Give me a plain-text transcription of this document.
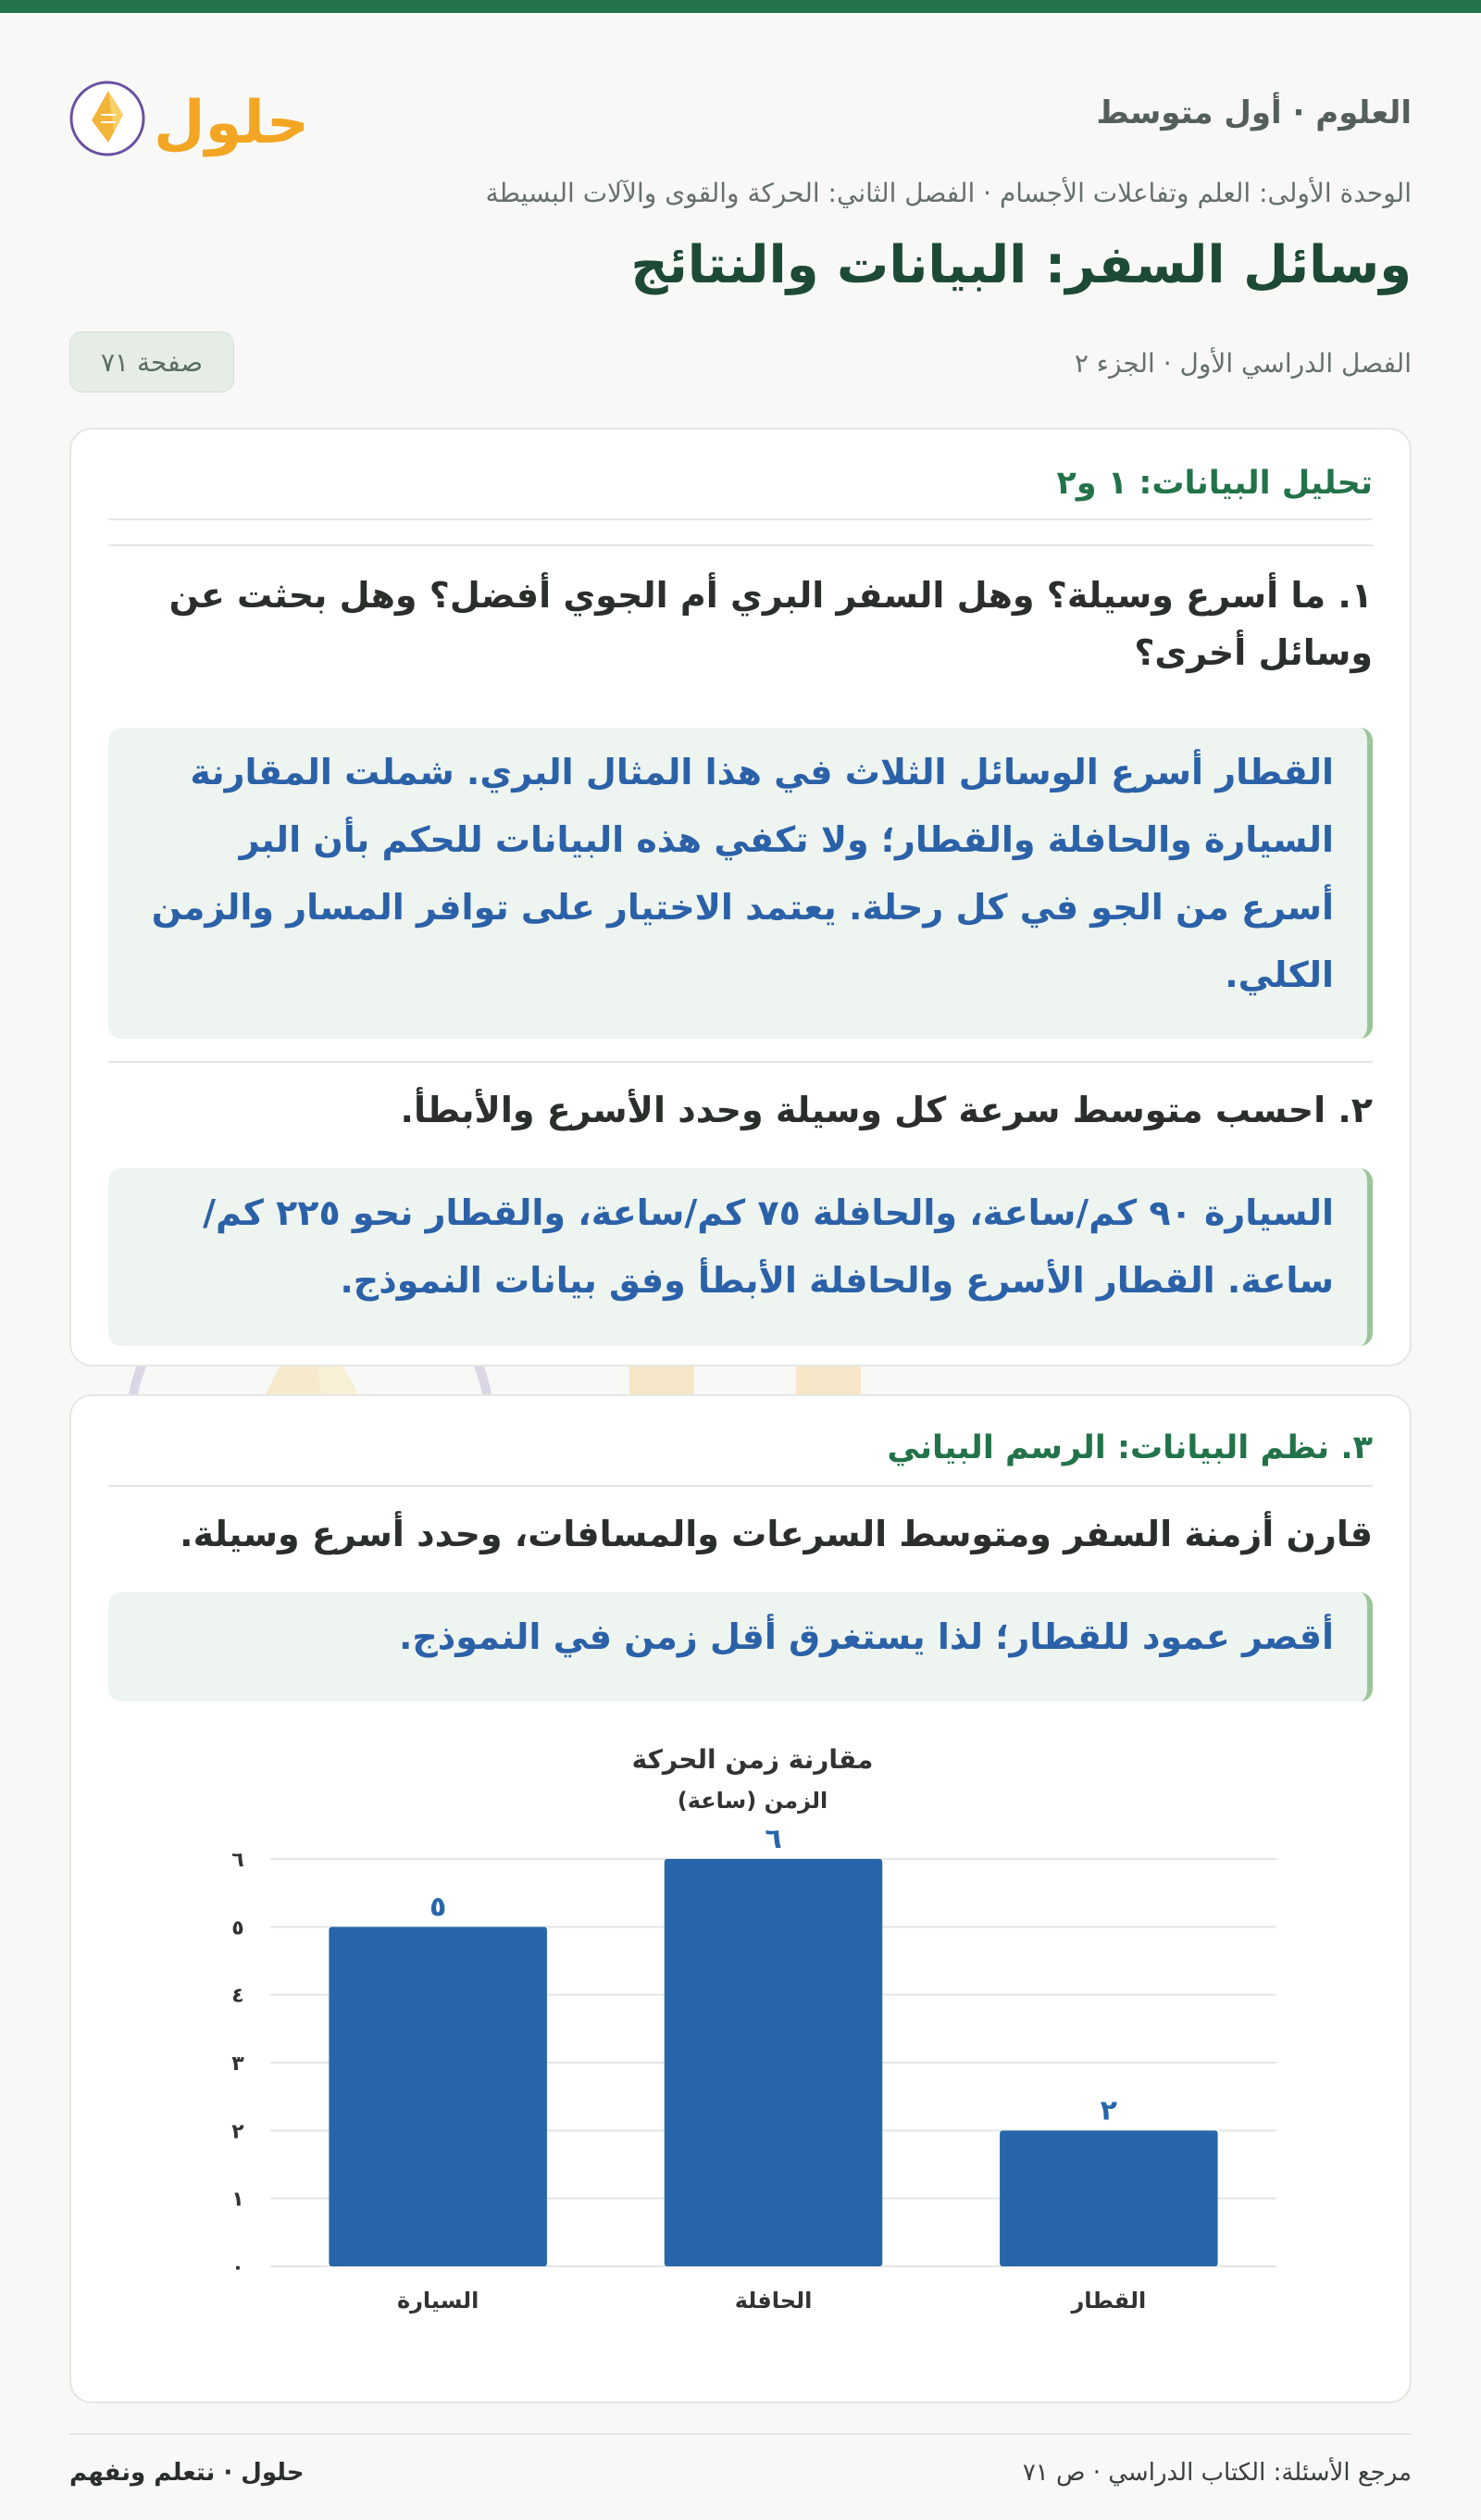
العلوم · أول متوسط
حلول
الوحدة الأولى: العلم وتفاعلات الأجسام · الفصل الثاني: الحركة والقوى والآلات البسيطة
وسائل السفر: البيانات والنتائج
الفصل الدراسي الأول · الجزء ٢
صفحة ٧١
تحليل البيانات: ١ و٢
١. ما أسرع وسيلة؟ وهل السفر البري أم الجوي أفضل؟ وهل بحثت عن وسائل أخرى؟
القطار أسرع الوسائل الثلاث في هذا المثال البري. شملت المقارنة السيارة والحافلة والقطار؛ ولا تكفي هذه البيانات للحكم بأن البر أسرع من الجو في كل رحلة. يعتمد الاختيار على توافر المسار والزمن الكلي.
٢. احسب متوسط سرعة كل وسيلة وحدد الأسرع والأبطأ.
السيارة ٩٠ كم/ساعة، والحافلة ٧٥ كم/ساعة، والقطار نحو ٢٢٥ كم/ساعة. القطار الأسرع والحافلة الأبطأ وفق بيانات النموذج.
٣. نظم البيانات: الرسم البياني
قارن أزمنة السفر ومتوسط السرعات والمسافات، وحدد أسرع وسيلة.
أقصر عمود للقطار؛ لذا يستغرق أقل زمن في النموذج.
مقارنة زمن الحركة
الزمن (ساعة)
٠
١
٢
٣
٤
٥
٦
٥
السيارة
٦
الحافلة
٢
القطار
مرجع الأسئلة: الكتاب الدراسي · ص ٧١
حلول · نتعلم ونفهم
